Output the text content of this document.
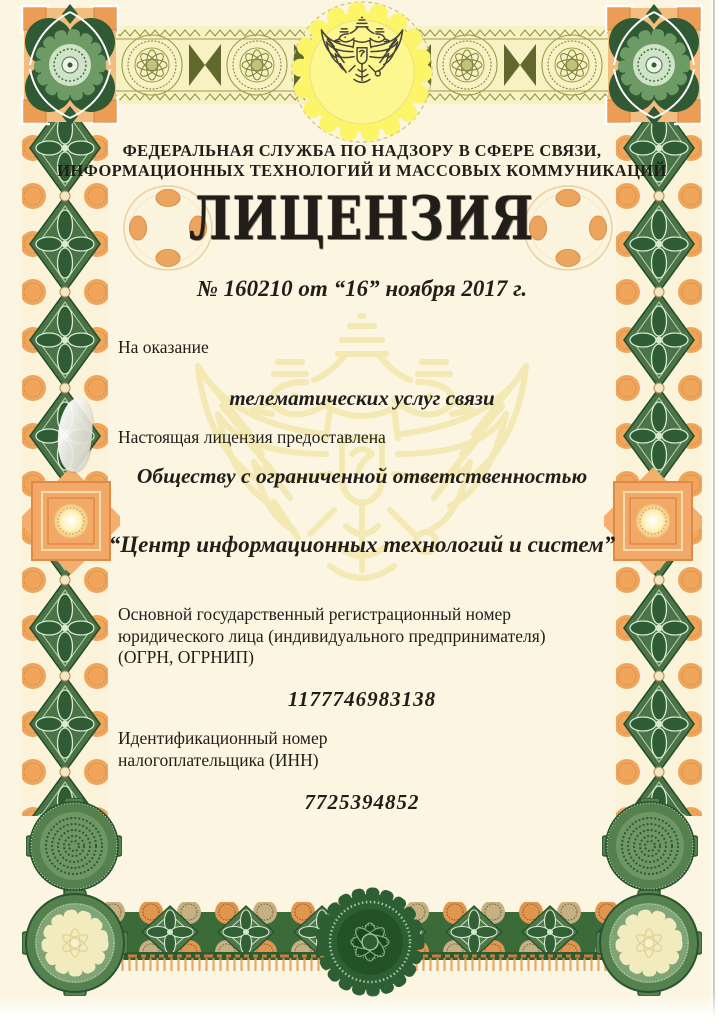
ФЕДЕРАЛЬНАЯ СЛУЖБА ПО НАДЗОРУ В СФЕРЕ СВЯЗИ,
ИНФОРМАЦИОННЫХ ТЕХНОЛОГИЙ И МАССОВЫХ КОММУНИКАЦИЙ
ЛИЦЕНЗИЯ
№ 160210 от “16” ноября 2017 г.
На оказание
телематических услуг связи
Настоящая лицензия предоставлена
Обществу с ограниченной ответственностью
“Центр информационных технологий и систем”
Основной государственный регистрационный номер
юридического лица (индивидуального предпринимателя)
(ОГРН, ОГРНИП)
1177746983138
Идентификационный номер
налогоплательщика (ИНН)
7725394852
